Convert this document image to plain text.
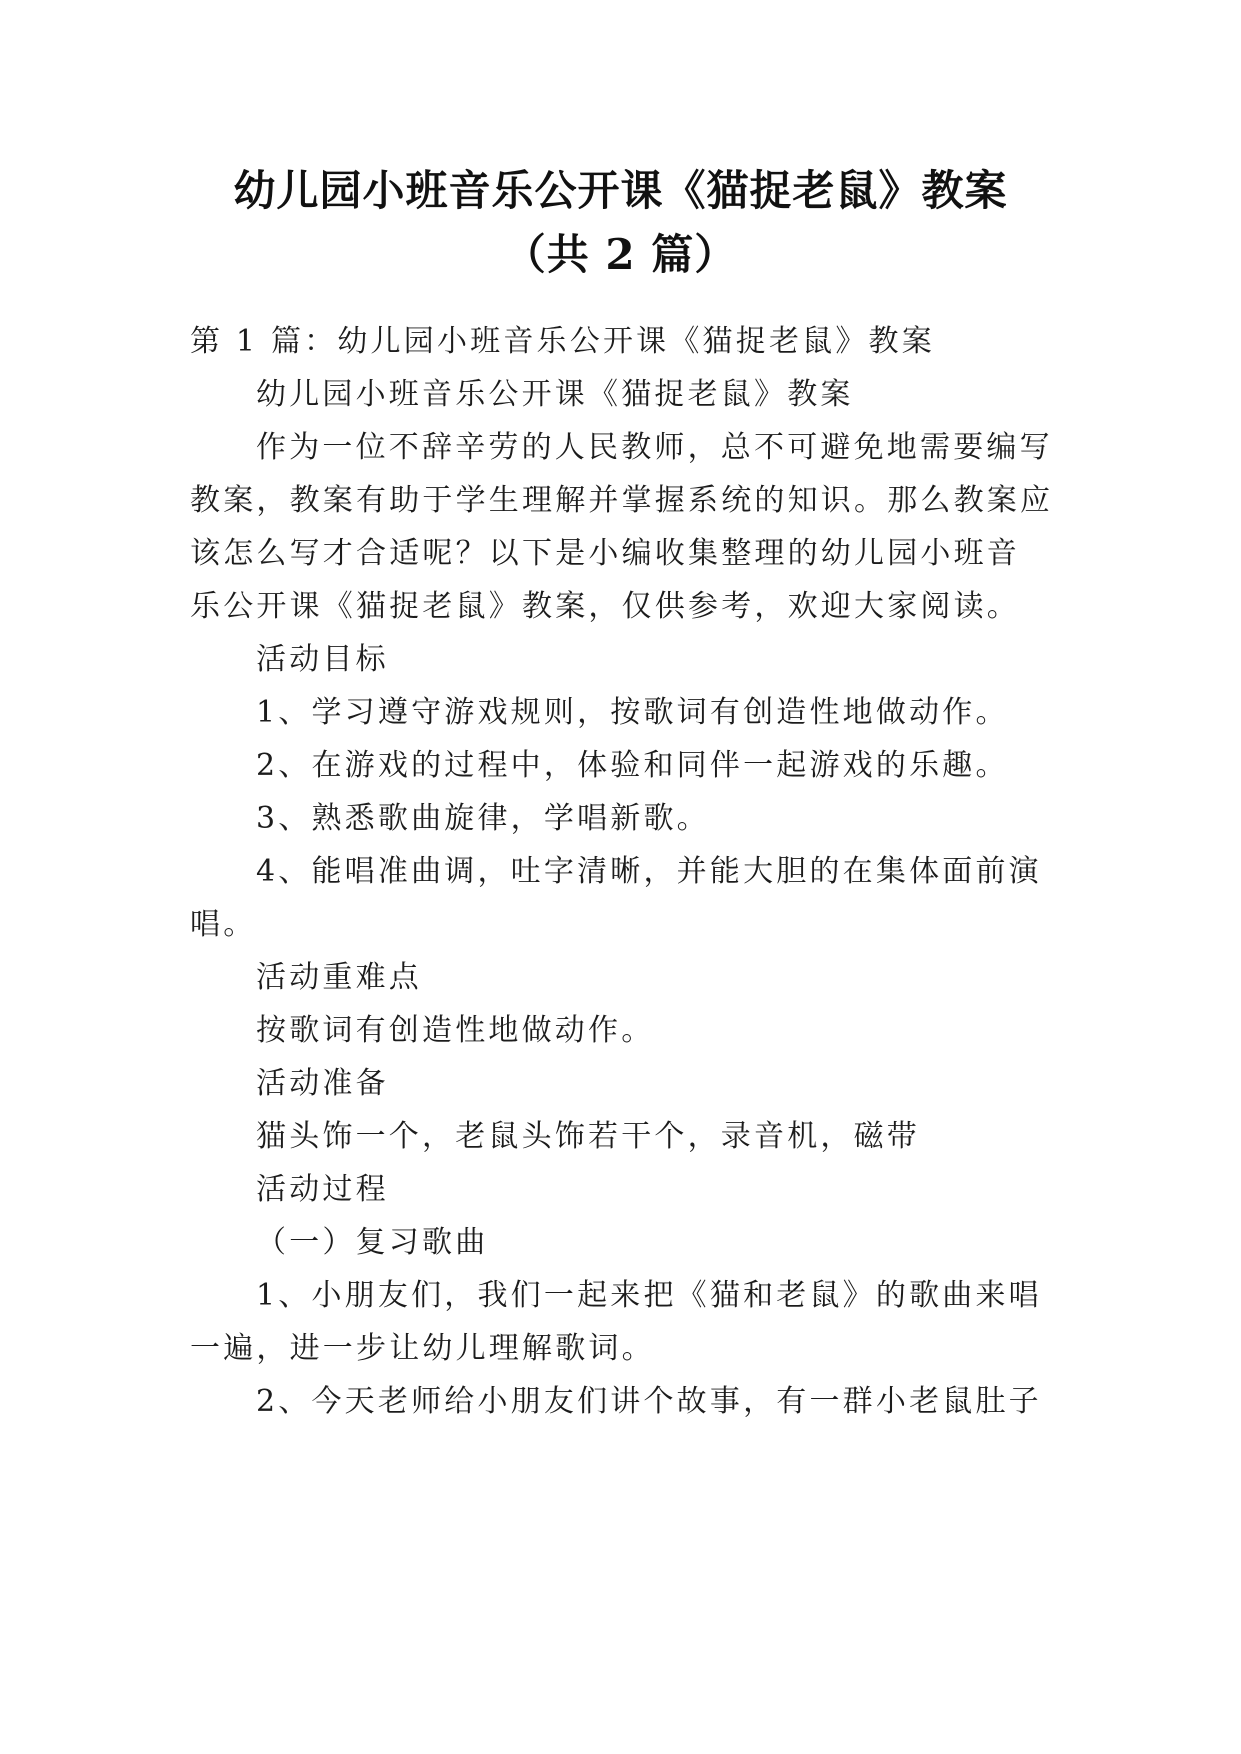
幼儿园小班音乐公开课《猫捉老鼠》教案
（共 2 篇）
第 1 篇：幼儿园小班音乐公开课《猫捉老鼠》教案
幼儿园小班音乐公开课《猫捉老鼠》教案
作为一位不辞辛劳的人民教师，总不可避免地需要编写
教案，教案有助于学生理解并掌握系统的知识。那么教案应
该怎么写才合适呢？以下是小编收集整理的幼儿园小班音
乐公开课《猫捉老鼠》教案，仅供参考，欢迎大家阅读。
活动目标
1、学习遵守游戏规则，按歌词有创造性地做动作。
2、在游戏的过程中，体验和同伴一起游戏的乐趣。
3、熟悉歌曲旋律，学唱新歌。
4、能唱准曲调，吐字清晰，并能大胆的在集体面前演
唱。
活动重难点
按歌词有创造性地做动作。
活动准备
猫头饰一个，老鼠头饰若干个，录音机，磁带
活动过程
（一）复习歌曲
1、小朋友们，我们一起来把《猫和老鼠》的歌曲来唱
一遍，进一步让幼儿理解歌词。
2、今天老师给小朋友们讲个故事，有一群小老鼠肚子
